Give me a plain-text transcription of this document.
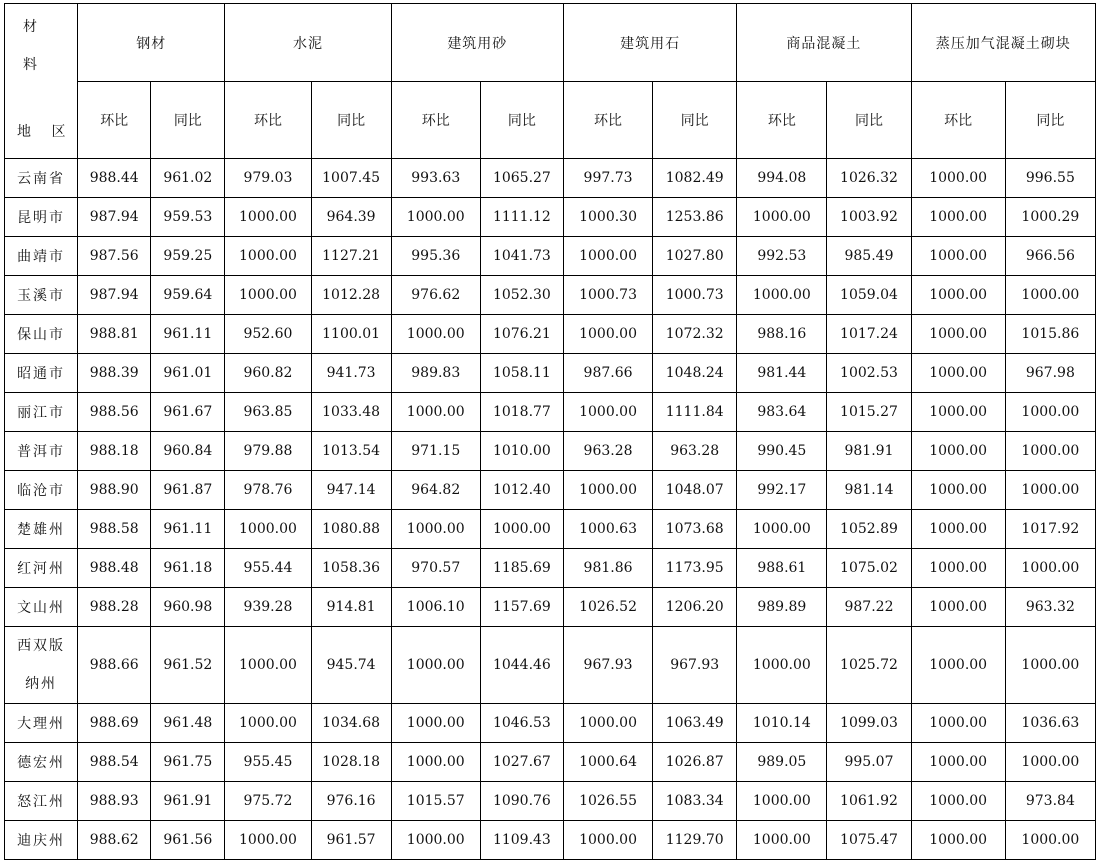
材 料
地 区	钢材		水泥		建筑用砂		建筑用石		商品混凝土		蒸压加气混凝土砌块	
	环比	同比	环比	同比	环比	同比	环比	同比	环比	同比	环比	同比
云南省	988.44	961.02	979.03	1007.45	993.63	1065.27	997.73	1082.49	994.08	1026.32	1000.00	996.55
昆明市	987.94	959.53	1000.00	964.39	1000.00	1111.12	1000.30	1253.86	1000.00	1003.92	1000.00	1000.29
曲靖市	987.56	959.25	1000.00	1127.21	995.36	1041.73	1000.00	1027.80	992.53	985.49	1000.00	966.56
玉溪市	987.94	959.64	1000.00	1012.28	976.62	1052.30	1000.73	1000.73	1000.00	1059.04	1000.00	1000.00
保山市	988.81	961.11	952.60	1100.01	1000.00	1076.21	1000.00	1072.32	988.16	1017.24	1000.00	1015.86
昭通市	988.39	961.01	960.82	941.73	989.83	1058.11	987.66	1048.24	981.44	1002.53	1000.00	967.98
丽江市	988.56	961.67	963.85	1033.48	1000.00	1018.77	1000.00	1111.84	983.64	1015.27	1000.00	1000.00
普洱市	988.18	960.84	979.88	1013.54	971.15	1010.00	963.28	963.28	990.45	981.91	1000.00	1000.00
临沧市	988.90	961.87	978.76	947.14	964.82	1012.40	1000.00	1048.07	992.17	981.14	1000.00	1000.00
楚雄州	988.58	961.11	1000.00	1080.88	1000.00	1000.00	1000.63	1073.68	1000.00	1052.89	1000.00	1017.92
红河州	988.48	961.18	955.44	1058.36	970.57	1185.69	981.86	1173.95	988.61	1075.02	1000.00	1000.00
文山州	988.28	960.98	939.28	914.81	1006.10	1157.69	1026.52	1206.20	989.89	987.22	1000.00	963.32

西双版
纳州	988.66	961.52	1000.00	945.74	1000.00	1044.46	967.93	967.93	1000.00	1025.72	1000.00	1000.00
大理州	988.69	961.48	1000.00	1034.68	1000.00	1046.53	1000.00	1063.49	1010.14	1099.03	1000.00	1036.63
德宏州	988.54	961.75	955.45	1028.18	1000.00	1027.67	1000.64	1026.87	989.05	995.07	1000.00	1000.00
怒江州	988.93	961.91	975.72	976.16	1015.57	1090.76	1026.55	1083.34	1000.00	1061.92	1000.00	973.84
迪庆州	988.62	961.56	1000.00	961.57	1000.00	1109.43	1000.00	1129.70	1000.00	1075.47	1000.00	1000.00
